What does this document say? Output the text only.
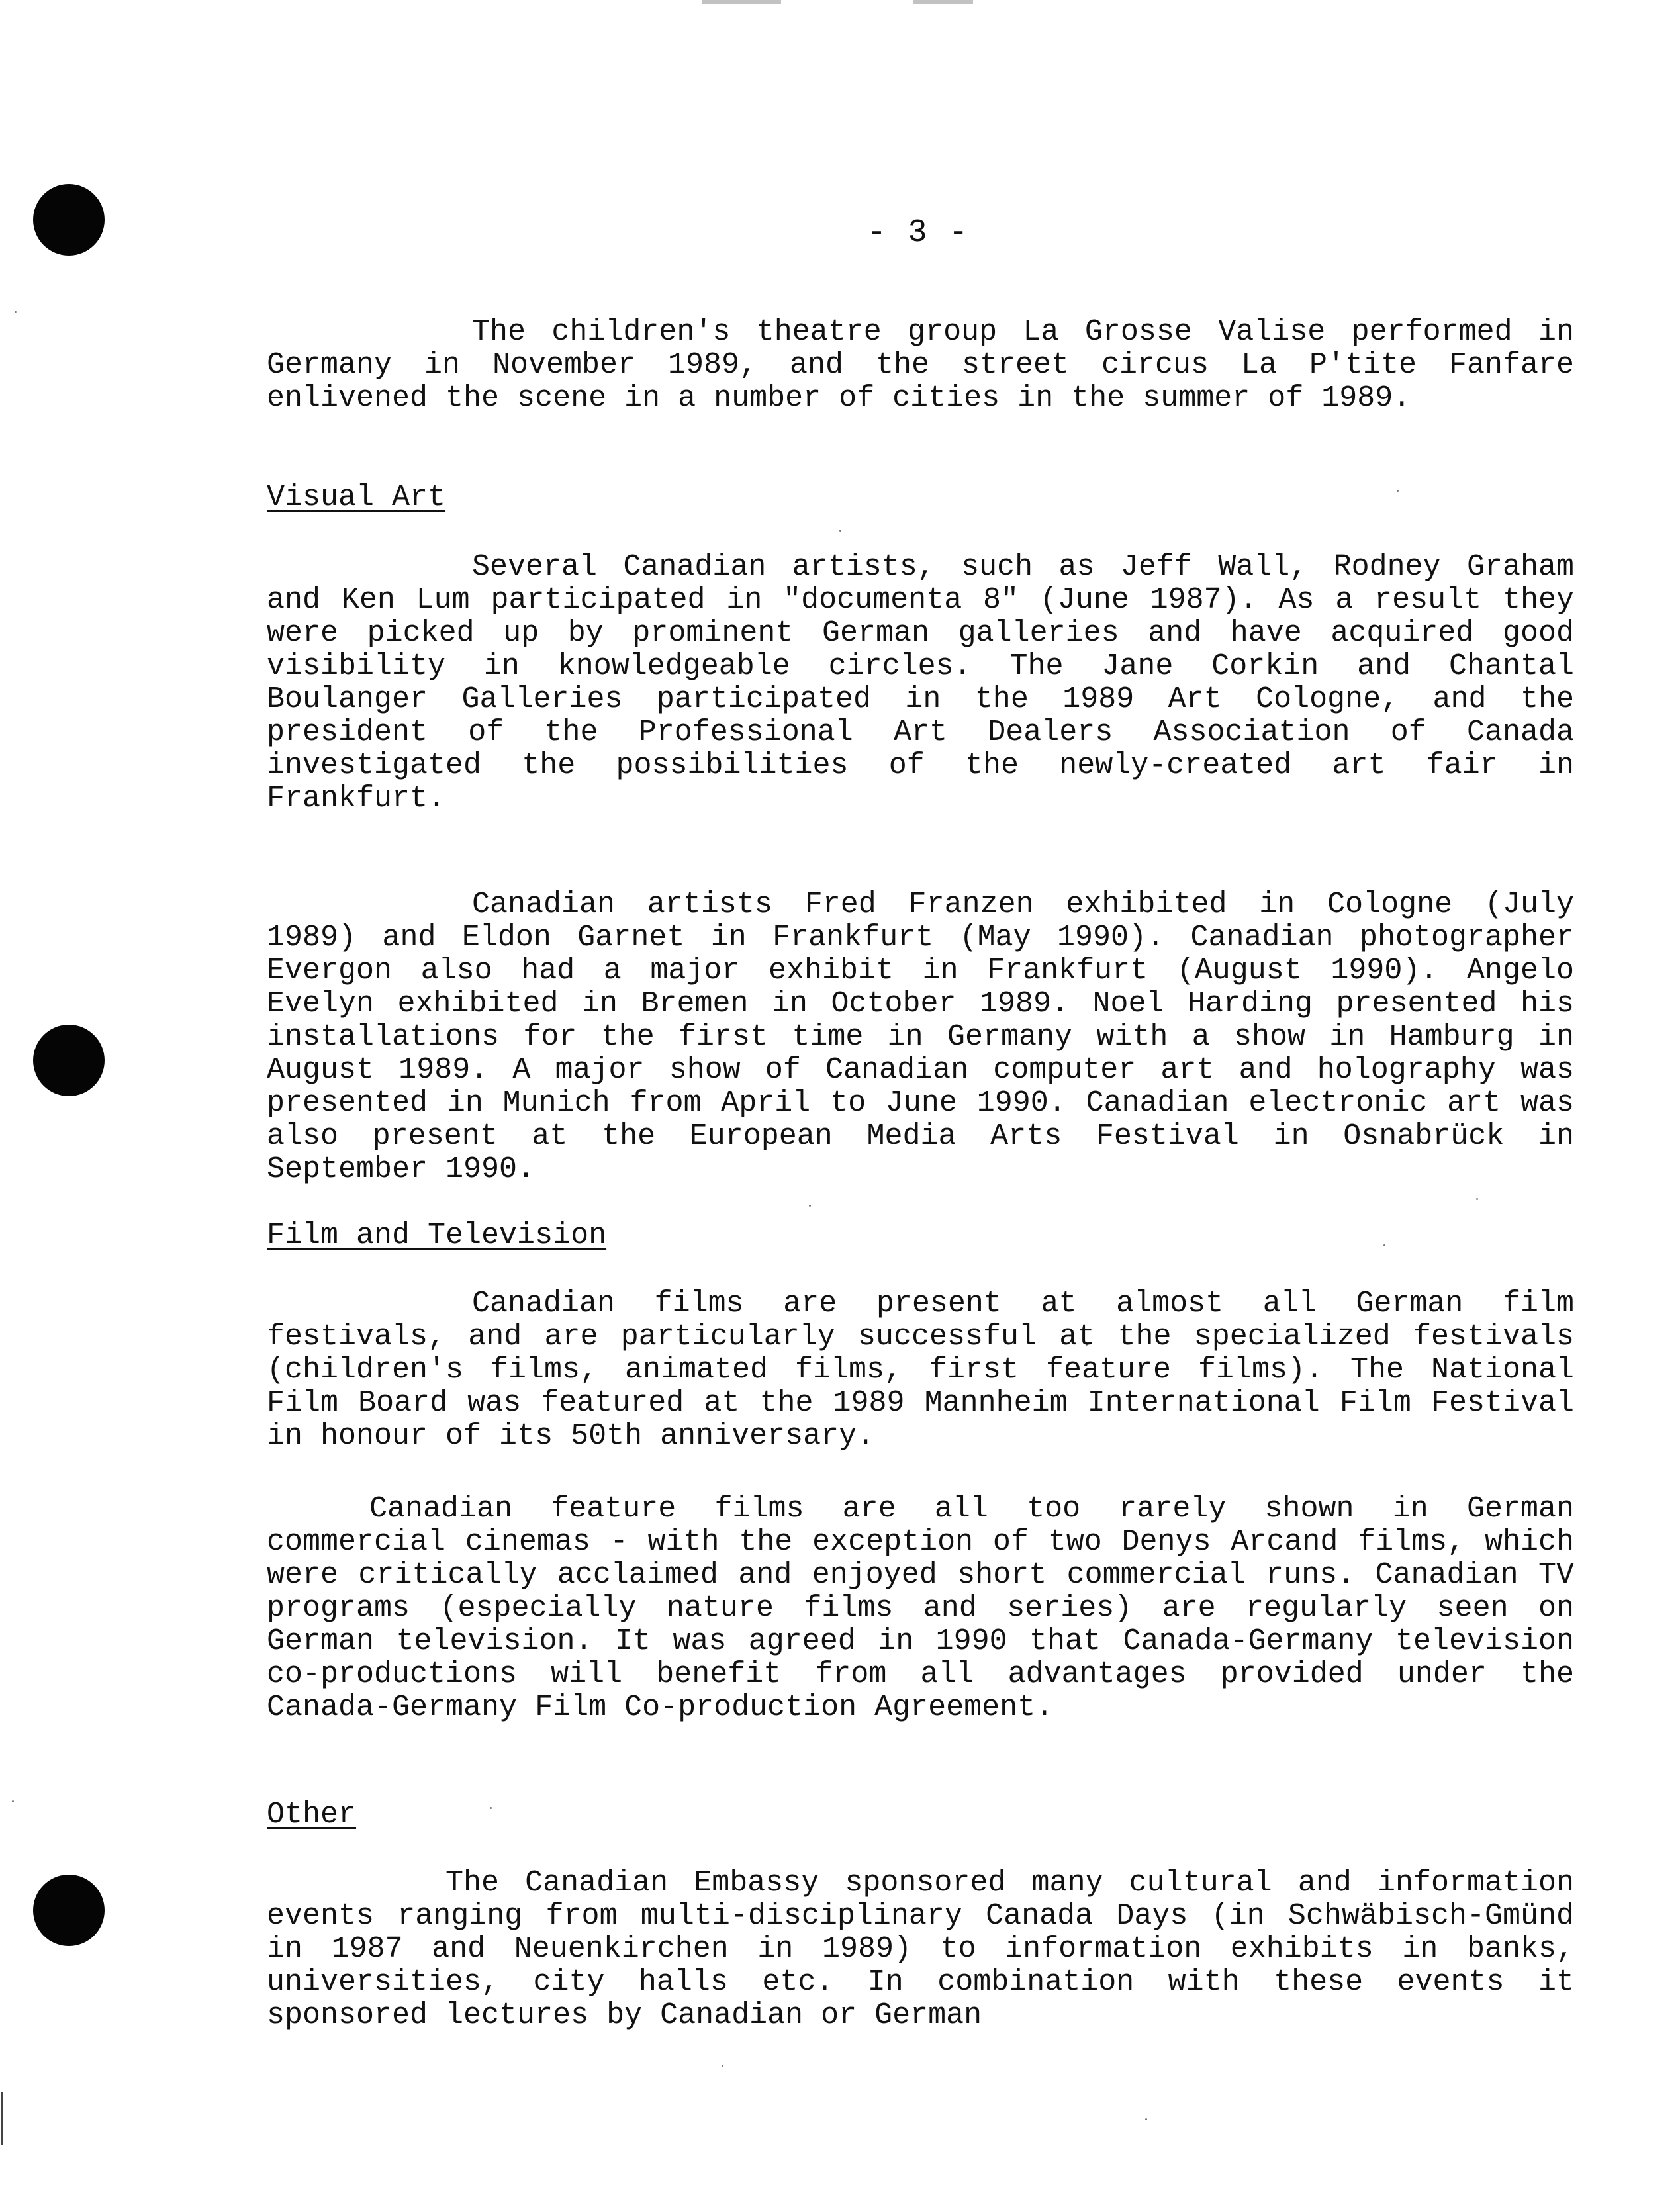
- 3 -

The children's theatre group La Grosse Valise performed in Germany in November 1989, and the street circus La P'tite Fanfare enlivened the scene in a number of cities in the summer of 1989.

Visual Art

Several Canadian artists, such as Jeff Wall, Rodney Graham and Ken Lum participated in "documenta 8" (June 1987). As a result they were picked up by prominent German galleries and have acquired good visibility in knowledgeable circles. The Jane Corkin and Chantal Boulanger Galleries participated in the 1989 Art Cologne, and the president of the Professional Art Dealers Association of Canada investigated the possibilities of the newly-created art fair in Frankfurt.

Canadian artists Fred Franzen exhibited in Cologne (July 1989) and Eldon Garnet in Frankfurt (May 1990). Canadian photographer Evergon also had a major exhibit in Frankfurt (August 1990). Angelo Evelyn exhibited in Bremen in October 1989. Noel Harding presented his installations for the first time in Germany with a show in Hamburg in August 1989. A major show of Canadian computer art and holography was presented in Munich from April to June 1990. Canadian electronic art was also present at the European Media Arts Festival in Osnabrück in September 1990.

Film and Television

Canadian films are present at almost all German film festivals, and are particularly successful at the specialized festivals (children's films, animated films, first feature films). The National Film Board was featured at the 1989 Mannheim International Film Festival in honour of its 50th anniversary.

Canadian feature films are all too rarely shown in German commercial cinemas - with the exception of two Denys Arcand films, which were critically acclaimed and enjoyed short commercial runs. Canadian TV programs (especially nature films and series) are regularly seen on German television. It was agreed in 1990 that Canada-Germany television co-productions will benefit from all advantages provided under the Canada-Germany Film Co-production Agreement.

Other

The Canadian Embassy sponsored many cultural and information events ranging from multi-disciplinary Canada Days (in Schwäbisch-Gmünd in 1987 and Neuenkirchen in 1989) to information exhibits in banks, universities, city halls etc. In combination with these events it sponsored lectures by Canadian or German
